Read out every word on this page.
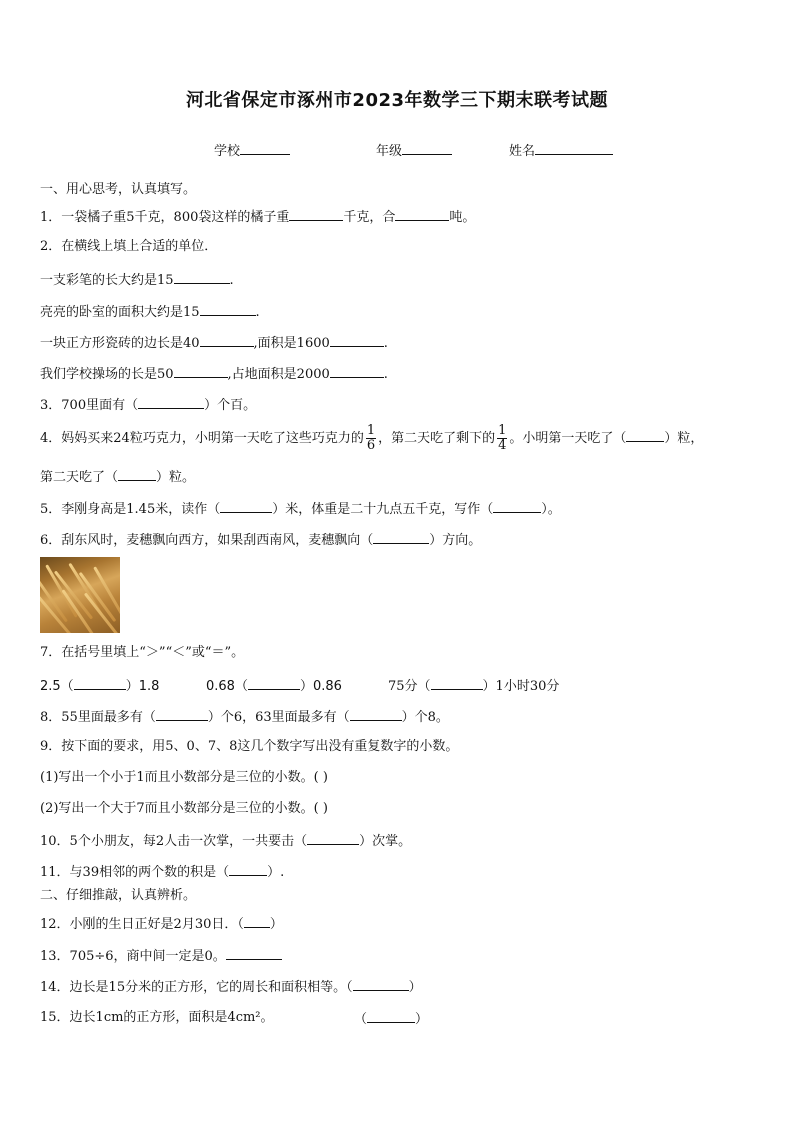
河北省保定市涿州市2023年数学三下期末联考试题
学校	年级	姓名
一、用心思考，认真填写。
1．一袋橘子重5千克，800袋这样的橘子重	千克，合	吨。
2．在横线上填上合适的单位．
一支彩笔的长大约是15	.
亮亮的卧室的面积大约是15	.
一块正方形瓷砖的边长是40	,面积是1600	.
我们学校操场的长是50	,占地面积是2000	.
3．700里面有（	）个百。
4．妈妈买来24粒巧克力，小明第一天吃了这些巧克力的 $\frac{1}{6}$ ，第二天吃了剩下的 $\frac{1}{4}$ 。小明第一天吃了（	）粒，
第二天吃了（	）粒。
5．李刚身高是1.45米，读作（	）米，体重是二十九点五千克，写作（	）。
6．刮东风时，麦穗飘向西方，如果刮西南风，麦穗飘向（	）方向。
7．在括号里填上“＞”“＜”或“＝”。
2.5（	）1.8	0.68（	）0.86	75分（	）1小时30分
8．55里面最多有（	）个6，63里面最多有（	）个8。
9．按下面的要求，用5、0、7、8这几个数字写出没有重复数字的小数。
(1)写出一个小于1而且小数部分是三位的小数。( )
(2)写出一个大于7而且小数部分是三位的小数。( )
10．5个小朋友，每2人击一次掌，一共要击（	）次掌。
11．与39相邻的两个数的积是（	）.
二、仔细推敲，认真辨析。
12．小刚的生日正好是2月30日．（ ）
13．705÷6，商中间一定是0。
14．边长是15分米的正方形，它的周长和面积相等。（	）
15．边长1cm的正方形，面积是4cm²。	（	）
